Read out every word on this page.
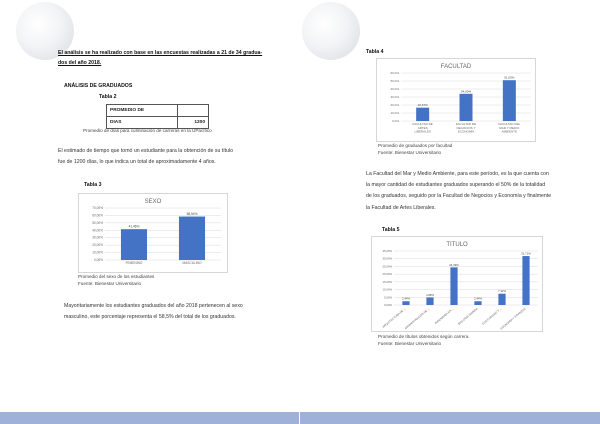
El análisis se ha realizado con base en las encuestas realizadas a 21 de 34 gradua-
dos del año 2018.
ANÁLISIS DE GRADUADOS
Tabla 2
PROMEDIO DE	
DIAS	1200
Promedio de días para culminación de carreras en la UPacífico
El estimado de tiempo que tomó un estudiante para la obtención de su título
fue de 1200 días, lo que indica un total de aproximadamente 4 años.
Tabla 3
SEXO
70,00%
60,00%
50,00%
40,00%
30,00%
20,00%
10,00%
0,00%
41,46%
FEMENINO
58,54%
MASCULINO
Promedio del sexo de los estudiantes
Fuente: Bienestar Universitario
Mayoritariamente los estudiantes graduados del año 2018 pertenecen al sexo
masculino, este porcentaje representa el 58,5% del total de los graduados.
Tabla 4
FACULTAD
60,0%
50,0%
40,0%
30,0%
20,0%
10,0%
0,0%
16,67%
FACULTAD DE
ARTES
LIBERALES
34,00%
FACULTAD DE
NEGOCIOS Y
ECONOMÍA
51,00%
FACULTAD DEL
MAR Y MEDIO
AMBIENTE
Promedio de graduados por facultad
Fuente: Bienestar Universitario
La Facultad del Mar y Medio Ambiente, para este período, es la que cuenta con
la mayor cantidad de estudiantes graduados superando el 50% de la totalidad
de los graduados, seguido por la Facultad de Negocios y Economía y finalmente
la Facultad de Artes Liberales.
Tabla 5
TITULO
35,00%
30,00%
25,00%
20,00%
15,00%
10,00%
5,00%
0,00%
2,44%
ARQUITECTURA DE ...
4,88%
ADMINISTRACIÓN DE ...
24,39%
INGENIERÍA EN ...
2,44%
BIOLOGÍA MARINA
7,32%
ECOTURISMO Y ...
31,71%
ECONOMÍA Y FINANZAS
Promedio de títulos obtenidos según carrera
Fuente: Bienestar Universitario
